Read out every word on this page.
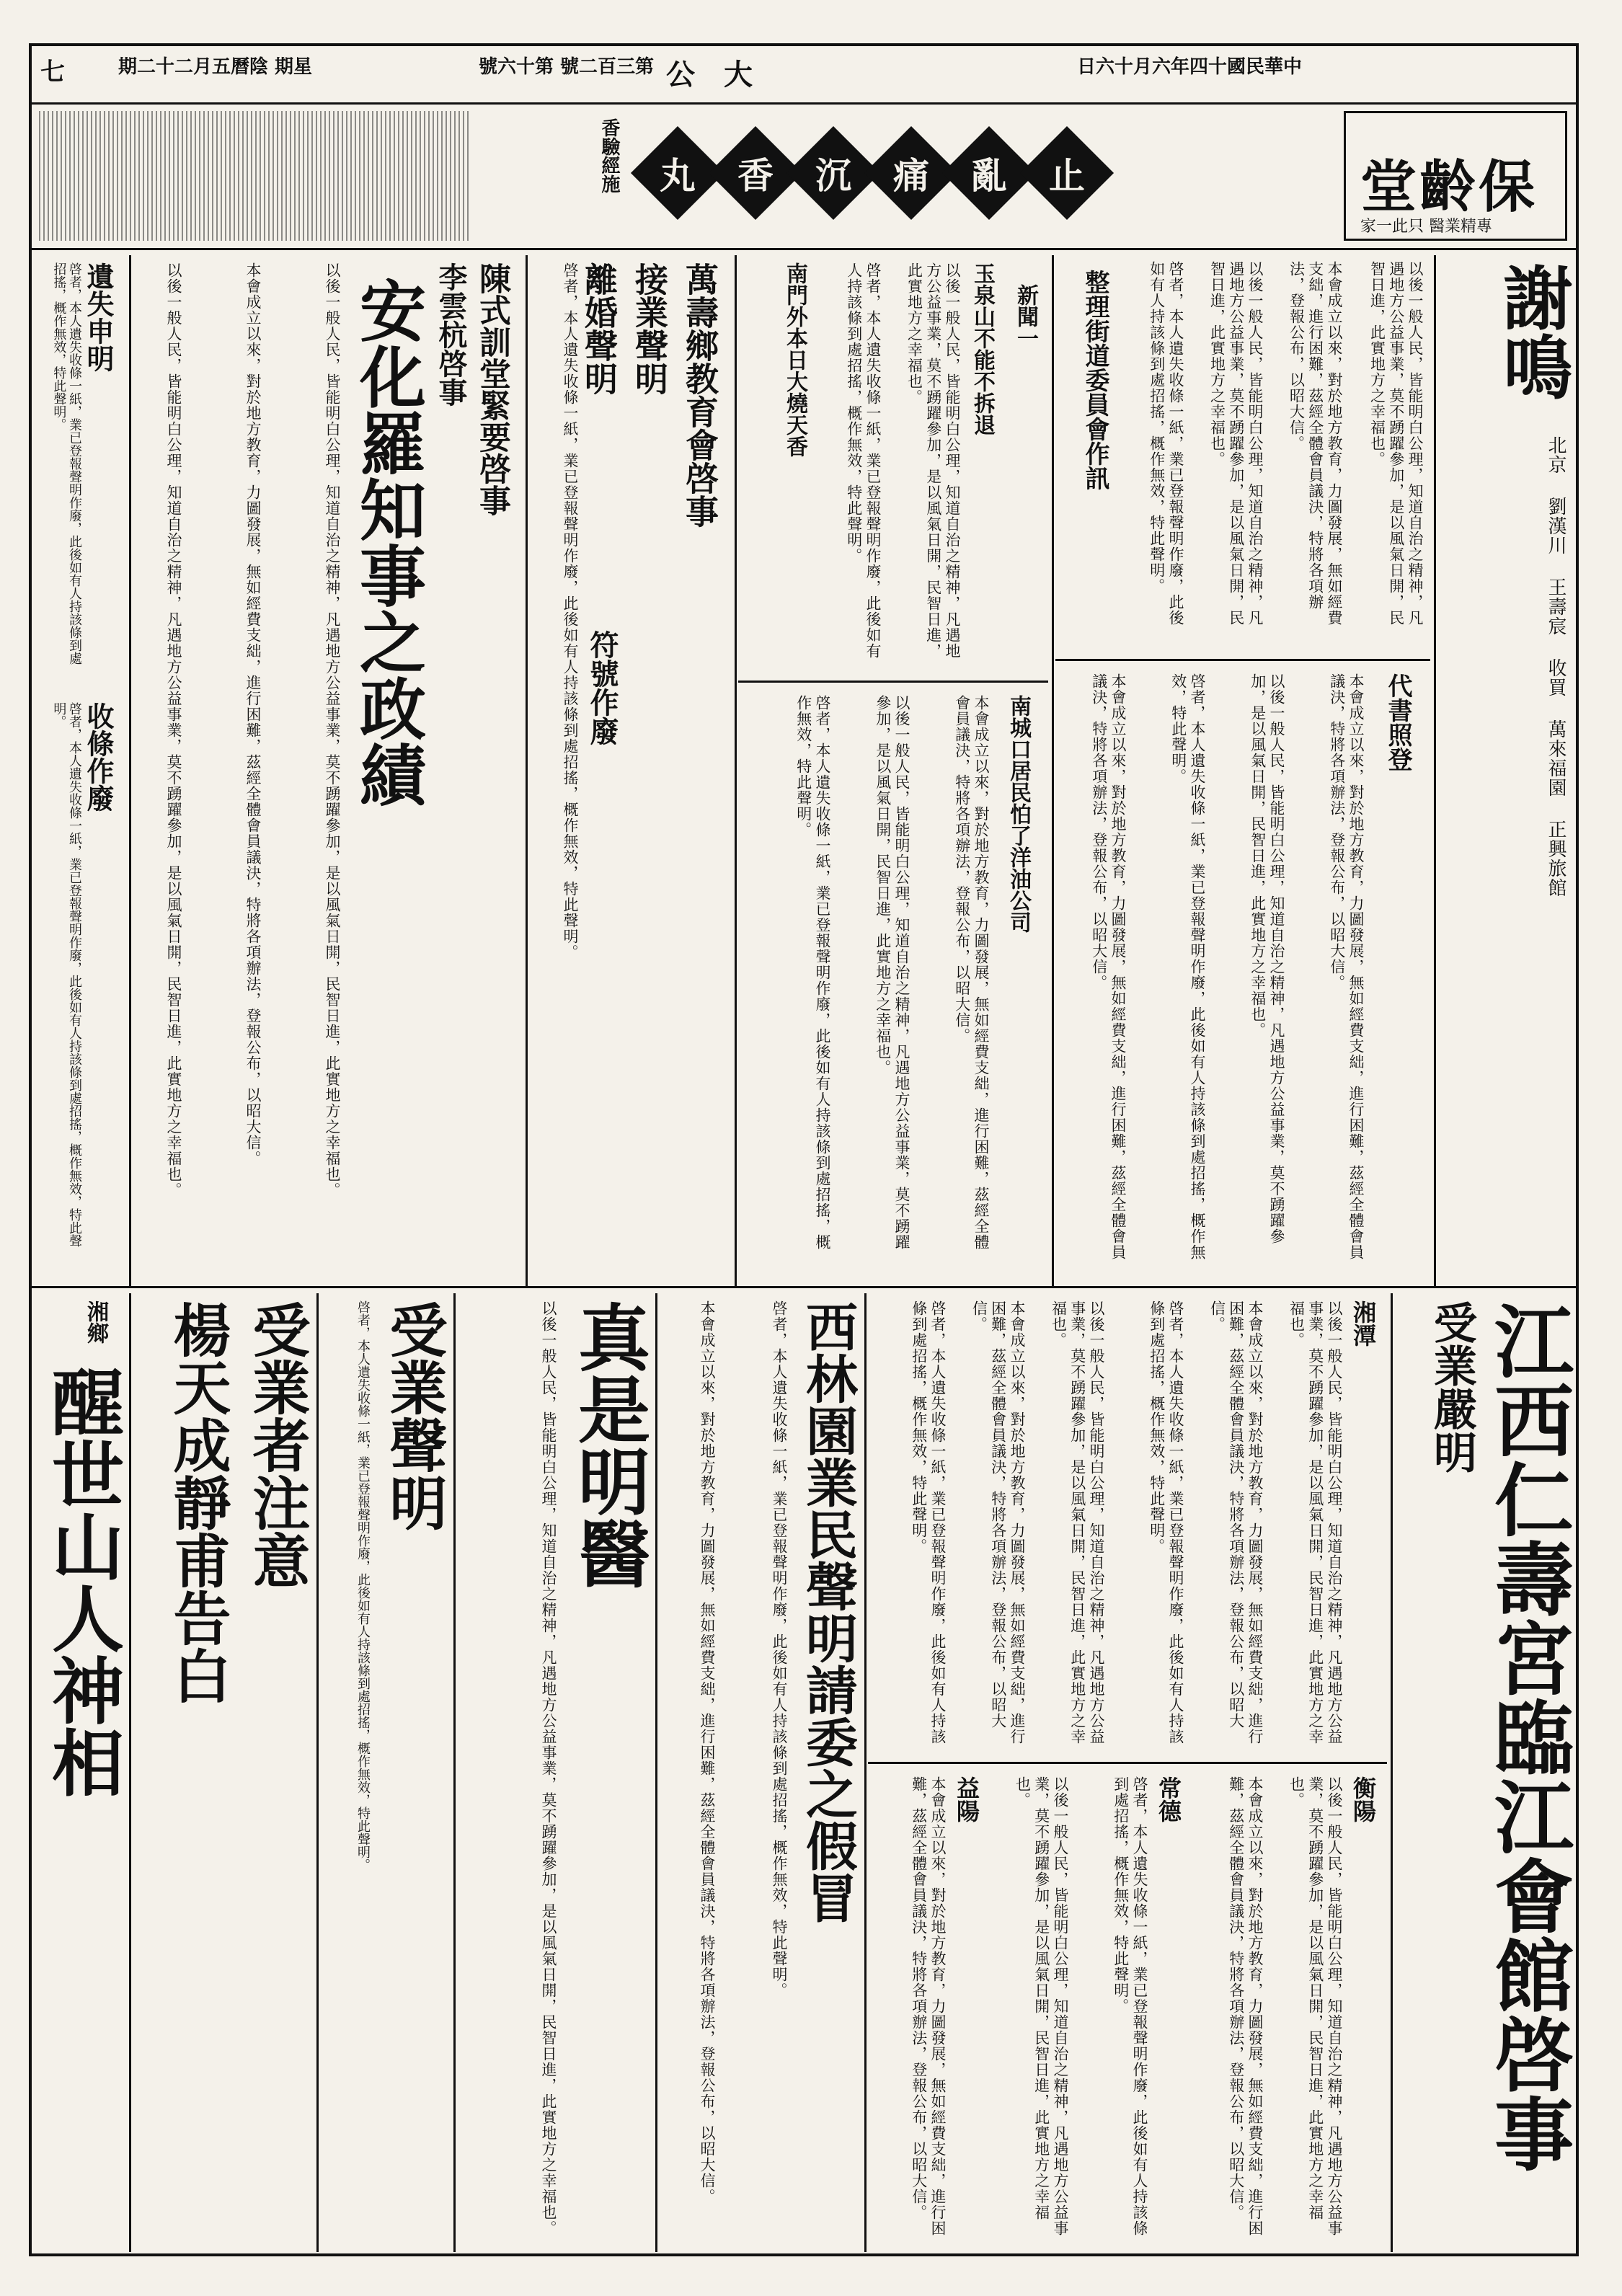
七	期二十二月五曆陰 期星	號六十第 號二百三第 公大	日六十月六年四十國民華中
丸 香 沉 痛 亂 止
香驗經施	堂齡保
家一此只 醫業精專
謝鳴
北京 劉漢川 王壽宸 收買 萬來福園 正興旅館
以後一般人民，皆能明白公理，知道自治之精神，凡遇地方公益事業，莫不踴躍參加，是以風氣日開，民智日進，此實地方之幸福也。
本會成立以來，對於地方教育，力圖發展，無如經費支絀，進行困難，茲經全體會員議決，特將各項辦法，登報公布，以昭大信。
以後一般人民，皆能明白公理，知道自治之精神，凡遇地方公益事業，莫不踴躍參加，是以風氣日開，民智日進，此實地方之幸福也。
啓者，本人遺失收條一紙，業已登報聲明作廢，此後如有人持該條到處招搖，概作無效，特此聲明。
整理街道委員會作訊
代書照登
本會成立以來，對於地方教育，力圖發展，無如經費支絀，進行困難，茲經全體會員議決，特將各項辦法，登報公布，以昭大信。
以後一般人民，皆能明白公理，知道自治之精神，凡遇地方公益事業，莫不踴躍參加，是以風氣日開，民智日進，此實地方之幸福也。
啓者，本人遺失收條一紙，業已登報聲明作廢，此後如有人持該條到處招搖，概作無效，特此聲明。
本會成立以來，對於地方教育，力圖發展，無如經費支絀，進行困難，茲經全體會員議決，特將各項辦法，登報公布，以昭大信。
新聞一
玉泉山不能不拆退
以後一般人民，皆能明白公理，知道自治之精神，凡遇地方公益事業，莫不踴躍參加，是以風氣日開，民智日進，此實地方之幸福也。
啓者，本人遺失收條一紙，業已登報聲明作廢，此後如有人持該條到處招搖，概作無效，特此聲明。
南門外本日大燒天香
南城口居民怕了洋油公司
本會成立以來，對於地方教育，力圖發展，無如經費支絀，進行困難，茲經全體會員議決，特將各項辦法，登報公布，以昭大信。
以後一般人民，皆能明白公理，知道自治之精神，凡遇地方公益事業，莫不踴躍參加，是以風氣日開，民智日進，此實地方之幸福也。
啓者，本人遺失收條一紙，業已登報聲明作廢，此後如有人持該條到處招搖，概作無效，特此聲明。
萬壽鄉教育會啓事
接業聲明
離婚聲明
啓者，本人遺失收條一紙，業已登報聲明作廢，此後如有人持該條到處招搖，概作無效，特此聲明。 符號作廢
陳式訓堂緊要啓事
李雲杭啓事
安化羅知事之政績
以後一般人民，皆能明白公理，知道自治之精神，凡遇地方公益事業，莫不踴躍參加，是以風氣日開，民智日進，此實地方之幸福也。
本會成立以來，對於地方教育，力圖發展，無如經費支絀，進行困難，茲經全體會員議決，特將各項辦法，登報公布，以昭大信。
以後一般人民，皆能明白公理，知道自治之精神，凡遇地方公益事業，莫不踴躍參加，是以風氣日開，民智日進，此實地方之幸福也。
遺失申明
啓者，本人遺失收條一紙，業已登報聲明作廢，此後如有人持該條到處招搖，概作無效，特此聲明。
收條作廢
啓者，本人遺失收條一紙，業已登報聲明作廢，此後如有人持該條到處招搖，概作無效，特此聲明。
江西仁壽宮臨江會館啓事
受業嚴明
湘潭
以後一般人民，皆能明白公理，知道自治之精神，凡遇地方公益事業，莫不踴躍參加，是以風氣日開，民智日進，此實地方之幸福也。
本會成立以來，對於地方教育，力圖發展，無如經費支絀，進行困難，茲經全體會員議決，特將各項辦法，登報公布，以昭大信。
啓者，本人遺失收條一紙，業已登報聲明作廢，此後如有人持該條到處招搖，概作無效，特此聲明。
以後一般人民，皆能明白公理，知道自治之精神，凡遇地方公益事業，莫不踴躍參加，是以風氣日開，民智日進，此實地方之幸福也。
本會成立以來，對於地方教育，力圖發展，無如經費支絀，進行困難，茲經全體會員議決，特將各項辦法，登報公布，以昭大信。
啓者，本人遺失收條一紙，業已登報聲明作廢，此後如有人持該條到處招搖，概作無效，特此聲明。
衡陽
常德
益陽	以後一般人民，皆能明白公理，知道自治之精神，凡遇地方公益事業，莫不踴躍參加，是以風氣日開，民智日進，此實地方之幸福也。
本會成立以來，對於地方教育，力圖發展，無如經費支絀，進行困難，茲經全體會員議決，特將各項辦法，登報公布，以昭大信。
啓者，本人遺失收條一紙，業已登報聲明作廢，此後如有人持該條到處招搖，概作無效，特此聲明。
以後一般人民，皆能明白公理，知道自治之精神，凡遇地方公益事業，莫不踴躍參加，是以風氣日開，民智日進，此實地方之幸福也。
本會成立以來，對於地方教育，力圖發展，無如經費支絀，進行困難，茲經全體會員議決，特將各項辦法，登報公布，以昭大信。
西林園業民聲明請委之假冒
啓者，本人遺失收條一紙，業已登報聲明作廢，此後如有人持該條到處招搖，概作無效，特此聲明。
本會成立以來，對於地方教育，力圖發展，無如經費支絀，進行困難，茲經全體會員議決，特將各項辦法，登報公布，以昭大信。
真是明醫
以後一般人民，皆能明白公理，知道自治之精神，凡遇地方公益事業，莫不踴躍參加，是以風氣日開，民智日進，此實地方之幸福也。
受業聲明
啓者，本人遺失收條一紙，業已登報聲明作廢，此後如有人持該條到處招搖，概作無效，特此聲明。
受業者注意
楊天成靜甫告白
湘鄉
醒世山人神相
